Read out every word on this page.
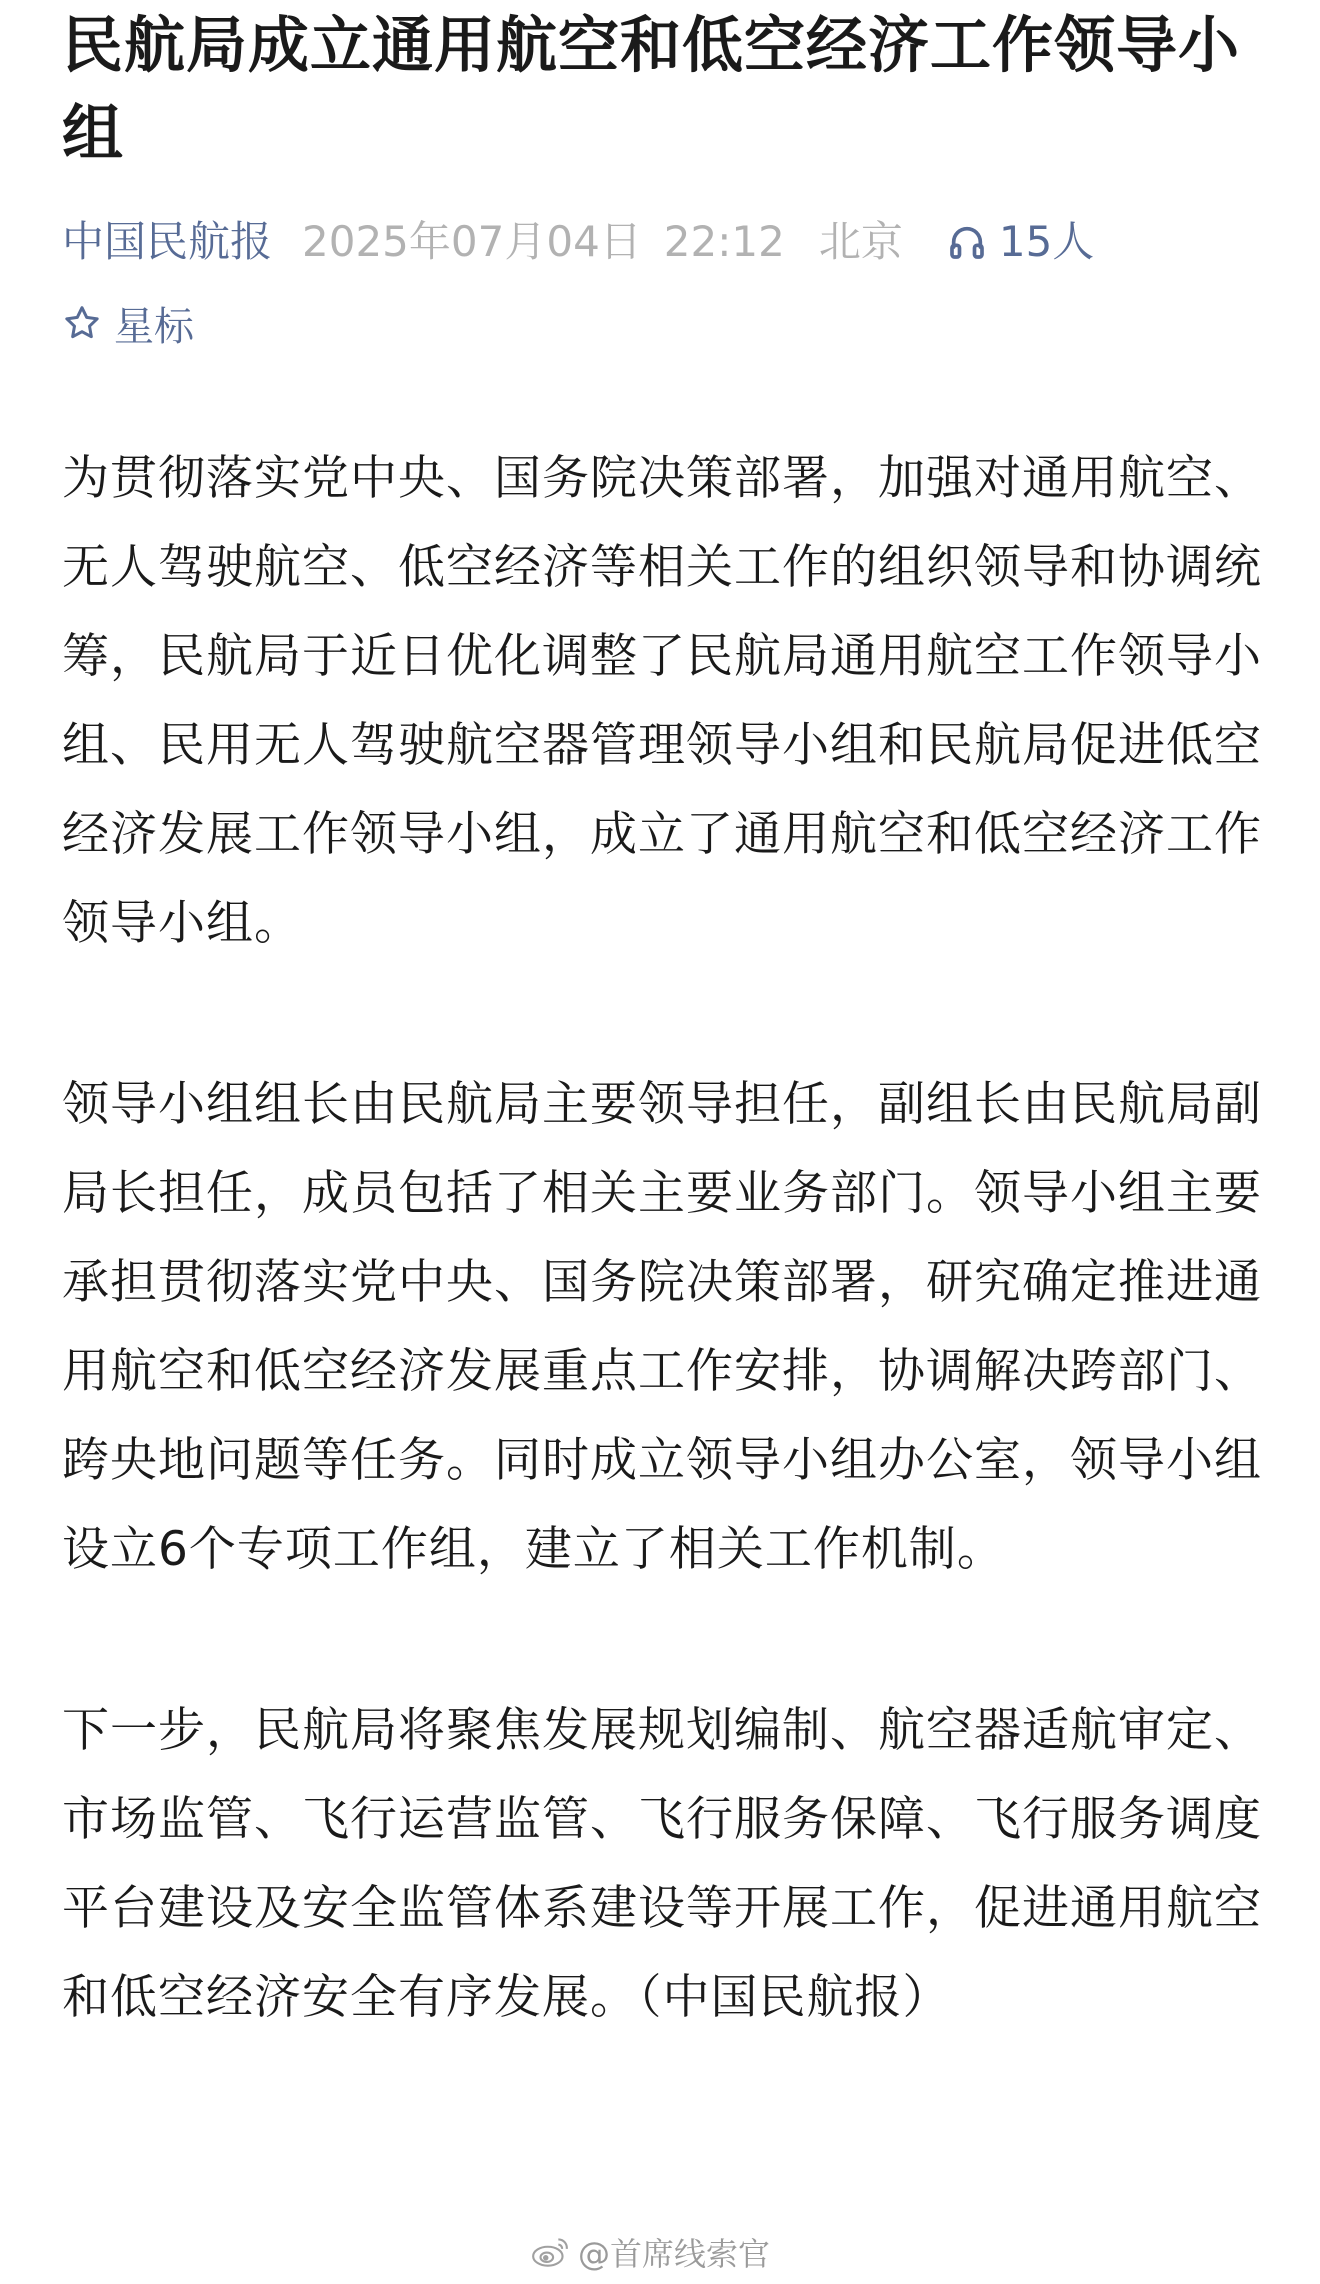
民航局成立通用航空和低空经济工作领导小组
中国民航报 2025年07月04日 22:12 北京 15人
星标

为贯彻落实党中央、国务院决策部署，加强对通用航空、无人驾驶航空、低空经济等相关工作的组织领导和协调统筹，民航局于近日优化调整了民航局通用航空工作领导小组、民用无人驾驶航空器管理领导小组和民航局促进低空经济发展工作领导小组，成立了通用航空和低空经济工作领导小组。

领导小组组长由民航局主要领导担任，副组长由民航局副局长担任，成员包括了相关主要业务部门。领导小组主要承担贯彻落实党中央、国务院决策部署，研究确定推进通用航空和低空经济发展重点工作安排，协调解决跨部门、跨央地问题等任务。同时成立领导小组办公室，领导小组设立6个专项工作组，建立了相关工作机制。

下一步，民航局将聚焦发展规划编制、航空器适航审定、市场监管、飞行运营监管、飞行服务保障、飞行服务调度平台建设及安全监管体系建设等开展工作，促进通用航空和低空经济安全有序发展。（中国民航报）

@首席线索官
